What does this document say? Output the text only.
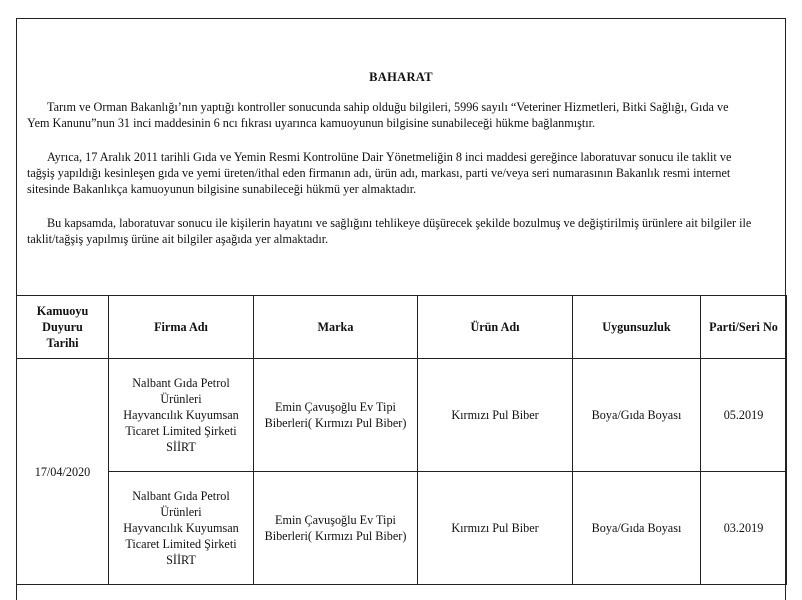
BAHARAT
Tarım ve Orman Bakanlığı’nın yaptığı kontroller sonucunda sahip olduğu bilgileri, 5996 sayılı “Veteriner Hizmetleri, Bitki Sağlığı, Gıda ve
Yem Kanunu”nun 31 inci maddesinin 6 ncı fıkrası uyarınca kamuoyunun bilgisine sunabileceği hükme bağlanmıştır.
Ayrıca, 17 Aralık 2011 tarihli Gıda ve Yemin Resmi Kontrolüne Dair Yönetmeliğin 8 inci maddesi gereğince laboratuvar sonucu ile taklit ve
tağşiş yapıldığı kesinleşen gıda ve yemi üreten/ithal eden firmanın adı, ürün adı, markası, parti ve/veya seri numarasının Bakanlık resmi internet
sitesinde Bakanlıkça kamuoyunun bilgisine sunabileceği hükmü yer almaktadır.
Bu kapsamda, laboratuvar sonucu ile kişilerin hayatını ve sağlığını tehlikeye düşürecek şekilde bozulmuş ve değiştirilmiş ürünlere ait bilgiler ile
taklit/tağşiş yapılmış ürüne ait bilgiler aşağıda yer almaktadır.
Kamuoyu
Duyuru
Tarihi	Firma Adı	Marka	Ürün Adı	Uygunsuzluk	Parti/Seri No
17/04/2020	Nalbant Gıda Petrol Ürünleri
Hayvancılık Kuyumsan
Ticaret Limited Şirketi
SİİRT	Emin Çavuşoğlu Ev Tipi
Biberleri( Kırmızı Pul Biber)	Kırmızı Pul Biber	Boya/Gıda Boyası	05.2019

	Nalbant Gıda Petrol Ürünleri
Hayvancılık Kuyumsan
Ticaret Limited Şirketi
SİİRT	Emin Çavuşoğlu Ev Tipi
Biberleri( Kırmızı Pul Biber)	Kırmızı Pul Biber	Boya/Gıda Boyası	03.2019
